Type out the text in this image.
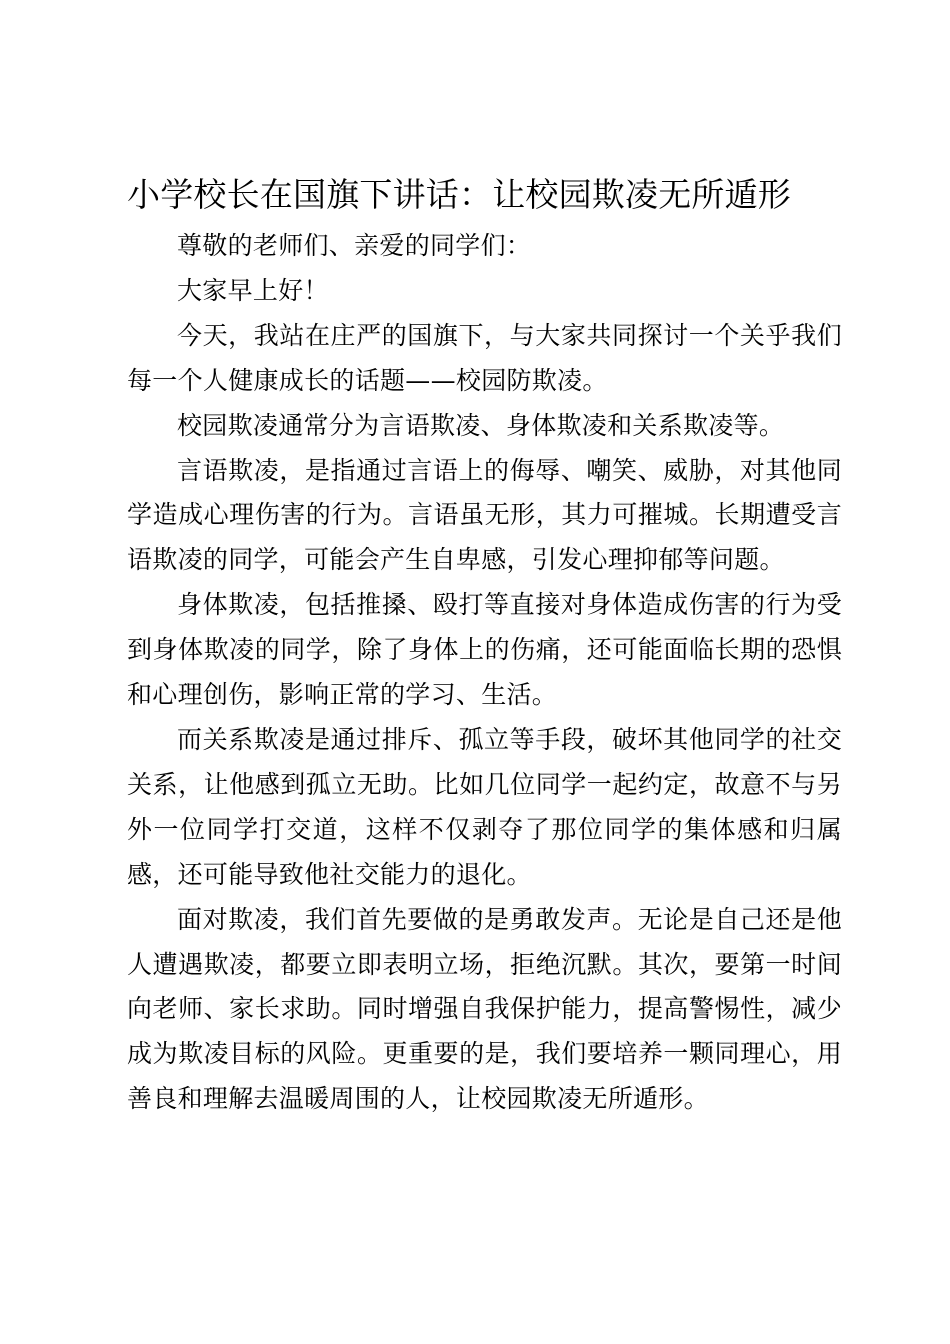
小学校长在国旗下讲话：让校园欺凌无所遁形

尊敬的老师们、亲爱的同学们：

大家早上好！

今天，我站在庄严的国旗下，与大家共同探讨一个关乎我们每一个人健康成长的话题——校园防欺凌。

校园欺凌通常分为言语欺凌、身体欺凌和关系欺凌等。

言语欺凌，是指通过言语上的侮辱、嘲笑、威胁，对其他同学造成心理伤害的行为。言语虽无形，其力可摧城。长期遭受言语欺凌的同学，可能会产生自卑感，引发心理抑郁等问题。

身体欺凌，包括推搡、殴打等直接对身体造成伤害的行为受到身体欺凌的同学，除了身体上的伤痛，还可能面临长期的恐惧和心理创伤，影响正常的学习、生活。

而关系欺凌是通过排斥、孤立等手段，破坏其他同学的社交关系，让他感到孤立无助。比如几位同学一起约定，故意不与另外一位同学打交道，这样不仅剥夺了那位同学的集体感和归属感，还可能导致他社交能力的退化。

面对欺凌，我们首先要做的是勇敢发声。无论是自己还是他人遭遇欺凌，都要立即表明立场，拒绝沉默。其次，要第一时间向老师、家长求助。同时增强自我保护能力，提高警惕性，减少成为欺凌目标的风险。更重要的是，我们要培养一颗同理心，用善良和理解去温暖周围的人，让校园欺凌无所遁形。
